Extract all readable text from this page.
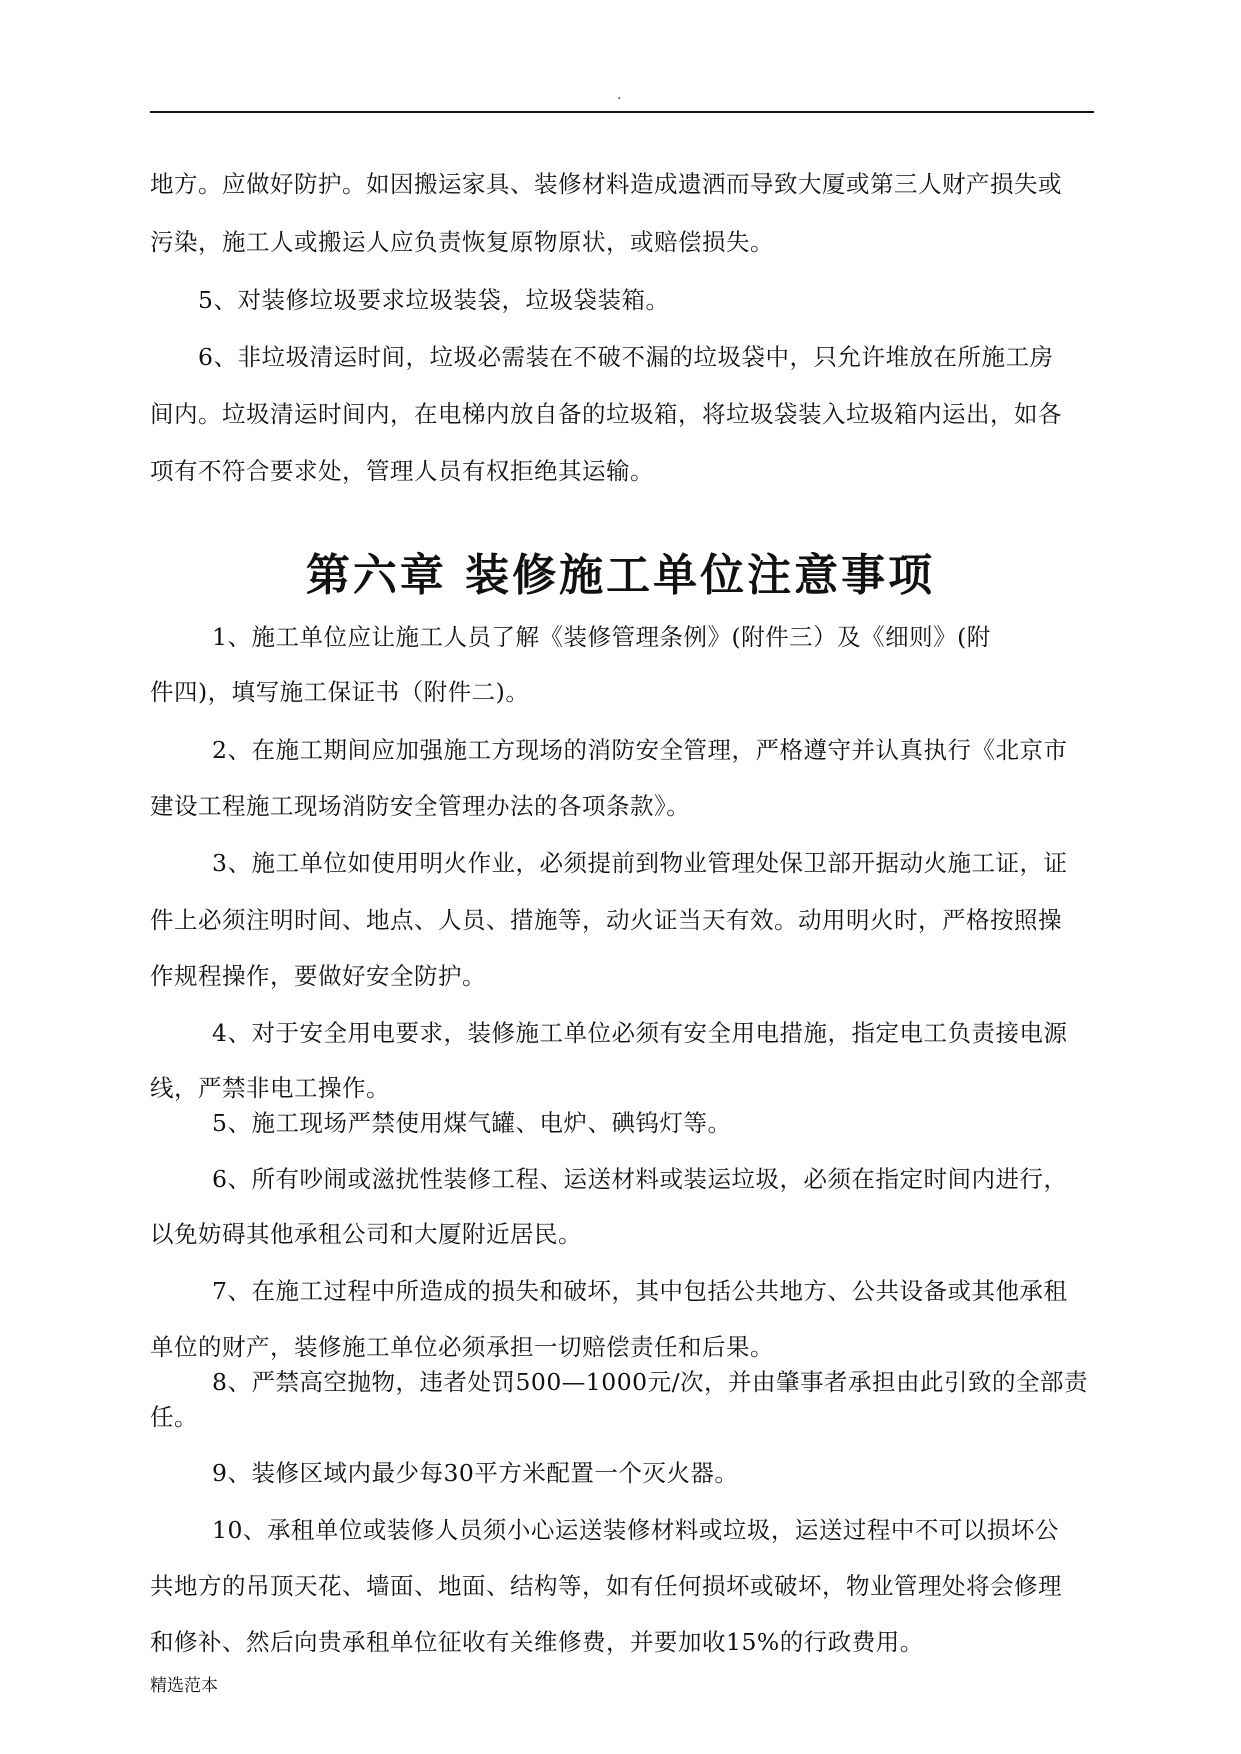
.
地方。应做好防护。如因搬运家具、装修材料造成遗洒而导致大厦或第三人财产损失或
污染，施工人或搬运人应负责恢复原物原状，或赔偿损失。
5、对装修垃圾要求垃圾装袋，垃圾袋装箱。
6、非垃圾清运时间，垃圾必需装在不破不漏的垃圾袋中，只允许堆放在所施工房
间内。垃圾清运时间内，在电梯内放自备的垃圾箱，将垃圾袋装入垃圾箱内运出，如各
项有不符合要求处，管理人员有权拒绝其运输。
第六章 装修施工单位注意事项
1、施工单位应让施工人员了解《装修管理条例》(附件三）及《细则》(附
件四)，填写施工保证书（附件二)。
2、在施工期间应加强施工方现场的消防安全管理，严格遵守并认真执行《北京市
建设工程施工现场消防安全管理办法的各项条款》。
3、施工单位如使用明火作业，必须提前到物业管理处保卫部开据动火施工证，证
件上必须注明时间、地点、人员、措施等，动火证当天有效。动用明火时，严格按照操
作规程操作，要做好安全防护。
4、对于安全用电要求，装修施工单位必须有安全用电措施，指定电工负责接电源
线，严禁非电工操作。
5、施工现场严禁使用煤气罐、电炉、碘钨灯等。
6、所有吵闹或滋扰性装修工程、运送材料或装运垃圾，必须在指定时间内进行，
以免妨碍其他承租公司和大厦附近居民。
7、在施工过程中所造成的损失和破坏，其中包括公共地方、公共设备或其他承租
单位的财产，装修施工单位必须承担一切赔偿责任和后果。
8、严禁高空抛物，违者处罚500—1000元/次，并由肇事者承担由此引致的全部责
任。
9、装修区域内最少每30平方米配置一个灭火器。
10、承租单位或装修人员须小心运送装修材料或垃圾，运送过程中不可以损坏公
共地方的吊顶天花、墙面、地面、结构等，如有任何损坏或破坏，物业管理处将会修理
和修补、然后向贵承租单位征收有关维修费，并要加收15%的行政费用。
精选范本
